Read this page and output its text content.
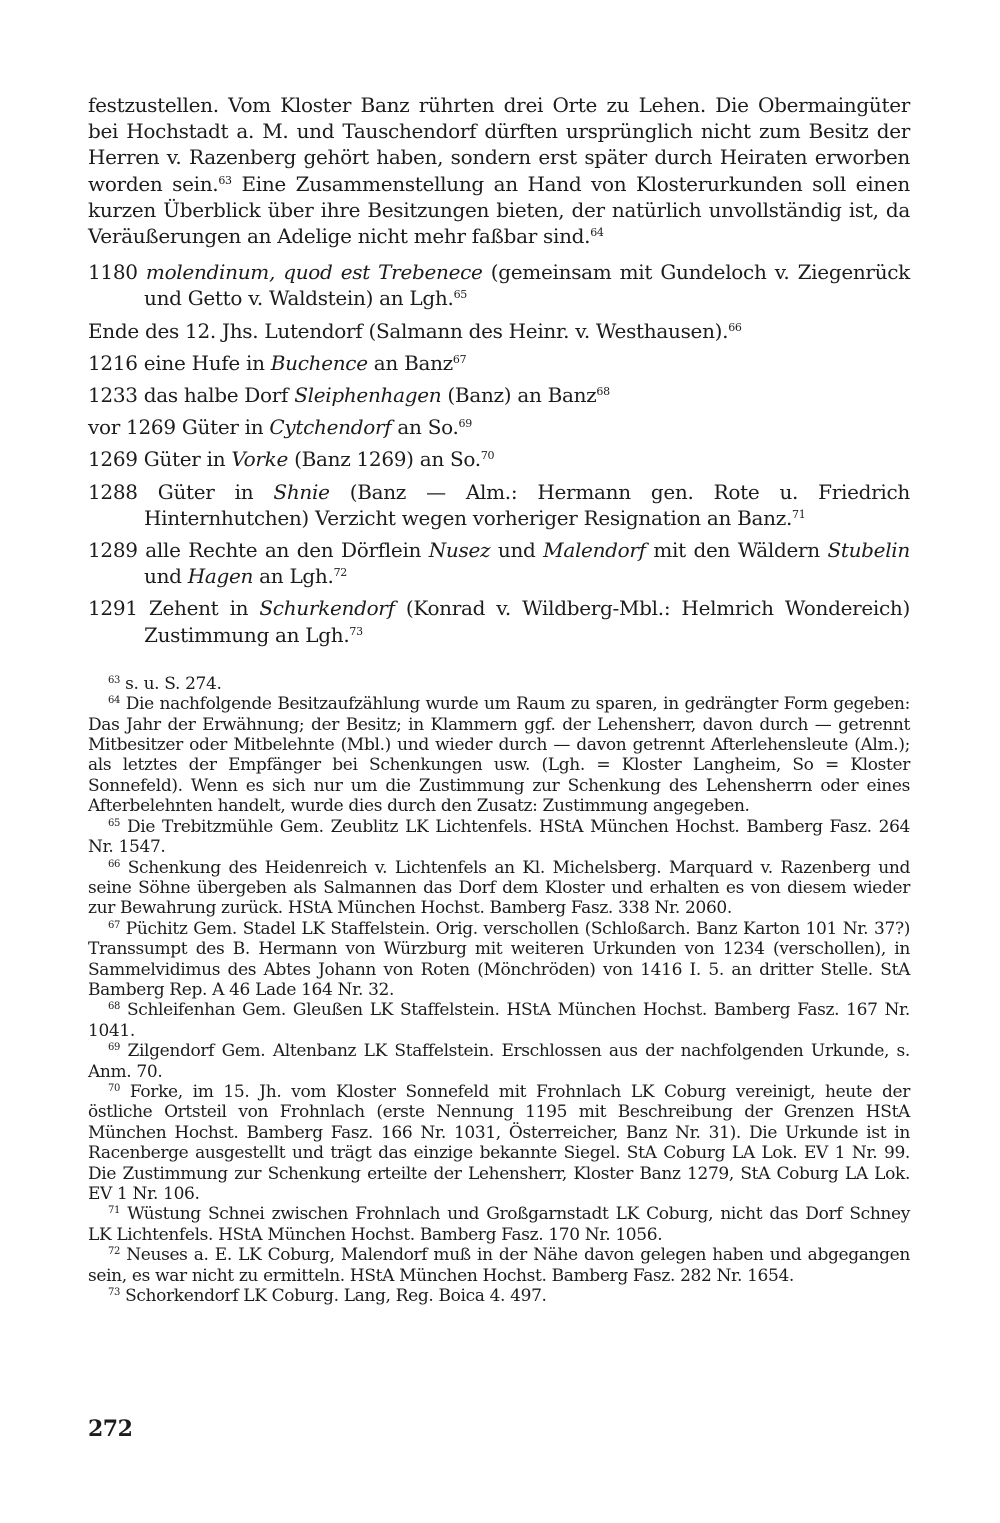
festzustellen. Vom Kloster Banz rührten drei Orte zu Lehen. Die Obermaingüter bei Hochstadt a. M. und Tauschendorf dürften ursprünglich nicht zum Besitz der Herren v. Razenberg gehört haben, sondern erst später durch Heiraten erworben worden sein.$^{63}$ Eine Zusammenstellung an Hand von Klosterurkunden soll einen kurzen Überblick über ihre Besitzungen bieten, der natürlich unvollständig ist, da Veräußerungen an Adelige nicht mehr faßbar sind.$^{64}$

1180 molendinum, quod est Trebenece (gemeinsam mit Gundeloch v. Ziegenrück und Getto v. Waldstein) an Lgh.$^{65}$

Ende des 12. Jhs. Lutendorf (Salmann des Heinr. v. Westhausen).$^{66}$

1216 eine Hufe in Buchence an Banz$^{67}$

1233 das halbe Dorf Sleiphenhagen (Banz) an Banz$^{68}$

vor 1269 Güter in Cytchendorf an So.$^{69}$

1269 Güter in Vorke (Banz 1269) an So.$^{70}$

1288 Güter in Shnie (Banz — Alm.: Hermann gen. Rote u. Friedrich Hinternhutchen) Verzicht wegen vorheriger Resignation an Banz.$^{71}$

1289 alle Rechte an den Dörflein Nusez und Malendorf mit den Wäldern Stubelin und Hagen an Lgh.$^{72}$

1291 Zehent in Schurkendorf (Konrad v. Wildberg-Mbl.: Helmrich Wondereich) Zustimmung an Lgh.$^{73}$

$^{63}$ s. u. S. 274.

$^{64}$ Die nachfolgende Besitzaufzählung wurde um Raum zu sparen, in gedrängter Form gegeben: Das Jahr der Erwähnung; der Besitz; in Klammern ggf. der Lehensherr, davon durch — getrennt Mitbesitzer oder Mitbelehnte (Mbl.) und wieder durch — davon getrennt Afterlehensleute (Alm.); als letztes der Empfänger bei Schenkungen usw. (Lgh. = Kloster Langheim, So = Kloster Sonnefeld). Wenn es sich nur um die Zustimmung zur Schenkung des Lehensherrn oder eines Afterbelehnten handelt, wurde dies durch den Zusatz: Zustimmung angegeben.

$^{65}$ Die Trebitzmühle Gem. Zeublitz LK Lichtenfels. HStA München Hochst. Bamberg Fasz. 264 Nr. 1547.

$^{66}$ Schenkung des Heidenreich v. Lichtenfels an Kl. Michelsberg. Marquard v. Razenberg und seine Söhne übergeben als Salmannen das Dorf dem Kloster und erhalten es von diesem wieder zur Bewahrung zurück. HStA München Hochst. Bamberg Fasz. 338 Nr. 2060.

$^{67}$ Püchitz Gem. Stadel LK Staffelstein. Orig. verschollen (Schloßarch. Banz Karton 101 Nr. 37?) Transsumpt des B. Hermann von Würzburg mit weiteren Urkunden von 1234 (verschollen), in Sammelvidimus des Abtes Johann von Roten (Mönchröden) von 1416 I. 5. an dritter Stelle. StA Bamberg Rep. A 46 Lade 164 Nr. 32.

$^{68}$ Schleifenhan Gem. Gleußen LK Staffelstein. HStA München Hochst. Bamberg Fasz. 167 Nr. 1041.

$^{69}$ Zilgendorf Gem. Altenbanz LK Staffelstein. Erschlossen aus der nachfolgenden Urkunde, s. Anm. 70.

$^{70}$ Forke, im 15. Jh. vom Kloster Sonnefeld mit Frohnlach LK Coburg vereinigt, heute der östliche Ortsteil von Frohnlach (erste Nennung 1195 mit Beschreibung der Grenzen HStA München Hochst. Bamberg Fasz. 166 Nr. 1031, Österreicher, Banz Nr. 31). Die Urkunde ist in Racenberge ausgestellt und trägt das einzige bekannte Siegel. StA Coburg LA Lok. EV 1 Nr. 99. Die Zustimmung zur Schenkung erteilte der Lehensherr, Kloster Banz 1279, StA Coburg LA Lok. EV 1 Nr. 106.

$^{71}$ Wüstung Schnei zwischen Frohnlach und Großgarnstadt LK Coburg, nicht das Dorf Schney LK Lichtenfels. HStA München Hochst. Bamberg Fasz. 170 Nr. 1056.

$^{72}$ Neuses a. E. LK Coburg, Malendorf muß in der Nähe davon gelegen haben und abgegangen sein, es war nicht zu ermitteln. HStA München Hochst. Bamberg Fasz. 282 Nr. 1654.

$^{73}$ Schorkendorf LK Coburg. Lang, Reg. Boica 4. 497.

272
